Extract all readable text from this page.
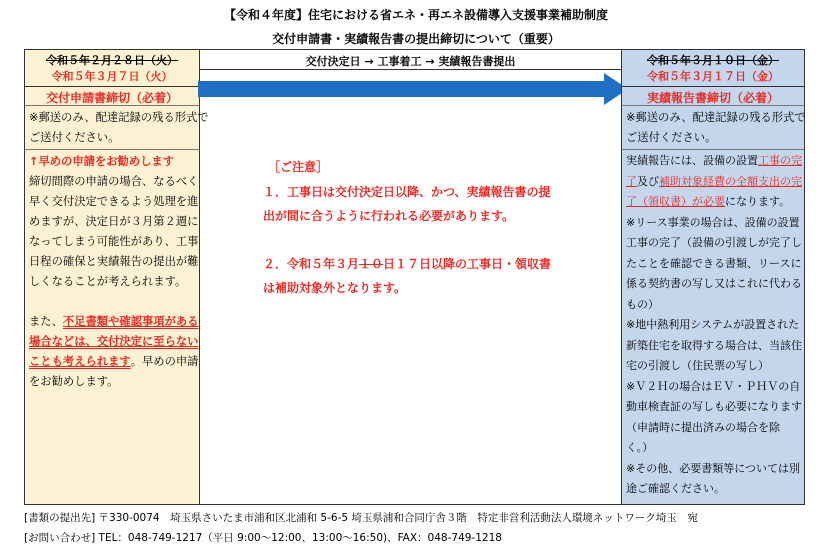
【令和４年度】住宅における省エネ・再エネ設備導入支援事業補助制度
交付申請書・実績報告書の提出締切について（重要）
令和５年２月２８日（火）
令和５年３月７日（火）
交付申請書締切（必着）
※郵送のみ、配達記録の残る形式で
ご送付ください。
↑早めの申請をお勧めします
締切間際の申請の場合、なるべく
早く交付決定できるよう処理を進
めますが、決定日が３月第２週に
なってしまう可能性があり、工事
日程の確保と実績報告の提出が難
しくなることが考えられます。
また、不足書類や確認事項がある
場合などは、交付決定に至らない
ことも考えられます。早めの申請
をお勧めします。
交付決定日 → 工事着工 → 実績報告書提出
［ご注意］
１．工事日は交付決定日以降、かつ、実績報告書の提
出が間に合うように行われる必要があります。
２．令和５年３月１０日１７日以降の工事日・領収書
は補助対象外となります。
令和５年３月１０日（金）
令和５年３月１７日（金）
実績報告書締切（必着）
※郵送のみ、配達記録の残る形式で
ご送付ください。
実績報告には、設備の設置工事の完
了及び補助対象経費の全額支出の完
了（領収書）が必要になります。
※リース事業の場合は、設備の設置
工事の完了（設備の引渡しが完了し
たことを確認できる書類、リースに
係る契約書の写し又はこれに代わる
もの）
※地中熱利用システムが設置された
新築住宅を取得する場合は、当該住
宅の引渡し（住民票の写し）
※Ｖ２Ｈの場合はＥＶ・ＰＨＶの自
動車検査証の写しも必要になります
（申請時に提出済みの場合を除
く。）
※その他、必要書類等については別
途ご確認ください。
[書類の提出先] 〒330-0074　埼玉県さいたま市浦和区北浦和 5-6-5 埼玉県浦和合同庁舎３階　特定非営利活動法人環境ネットワーク埼玉　宛
[お問い合わせ] TEL：048-749-1217（平日 9:00～12:00、13:00～16:50)、FAX：048-749-1218
